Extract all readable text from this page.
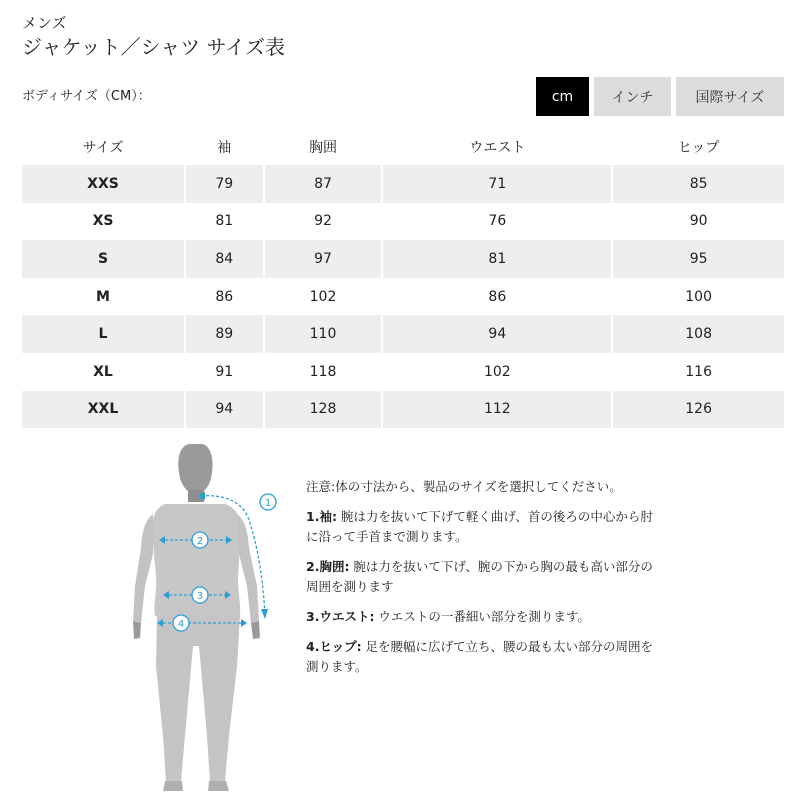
メンズ
ジャケット／シャツ サイズ表
ボディサイズ（CM）：	cm	インチ	国際サイズ
サイズ	袖	胸囲	ウエスト	ヒップ
XXS	79	87	71	85
XS	81	92	76	90
S	84	97	81	95
M	86	102	86	100
L	89	110	94	108
XL	91	118	102	116
XXL	94	128	112	126
1
2
3
4

注意:体の寸法から、製品のサイズを選択してください。

1.袖: 腕は力を抜いて下げて軽く曲げ、首の後ろの中心から肘に沿って手首まで測ります。

2.胸囲: 腕は力を抜いて下げ、腕の下から胸の最も高い部分の周囲を測ります

3.ウエスト: ウエストの一番細い部分を測ります。

4.ヒップ: 足を腰幅に広げて立ち、腰の最も太い部分の周囲を測ります。
